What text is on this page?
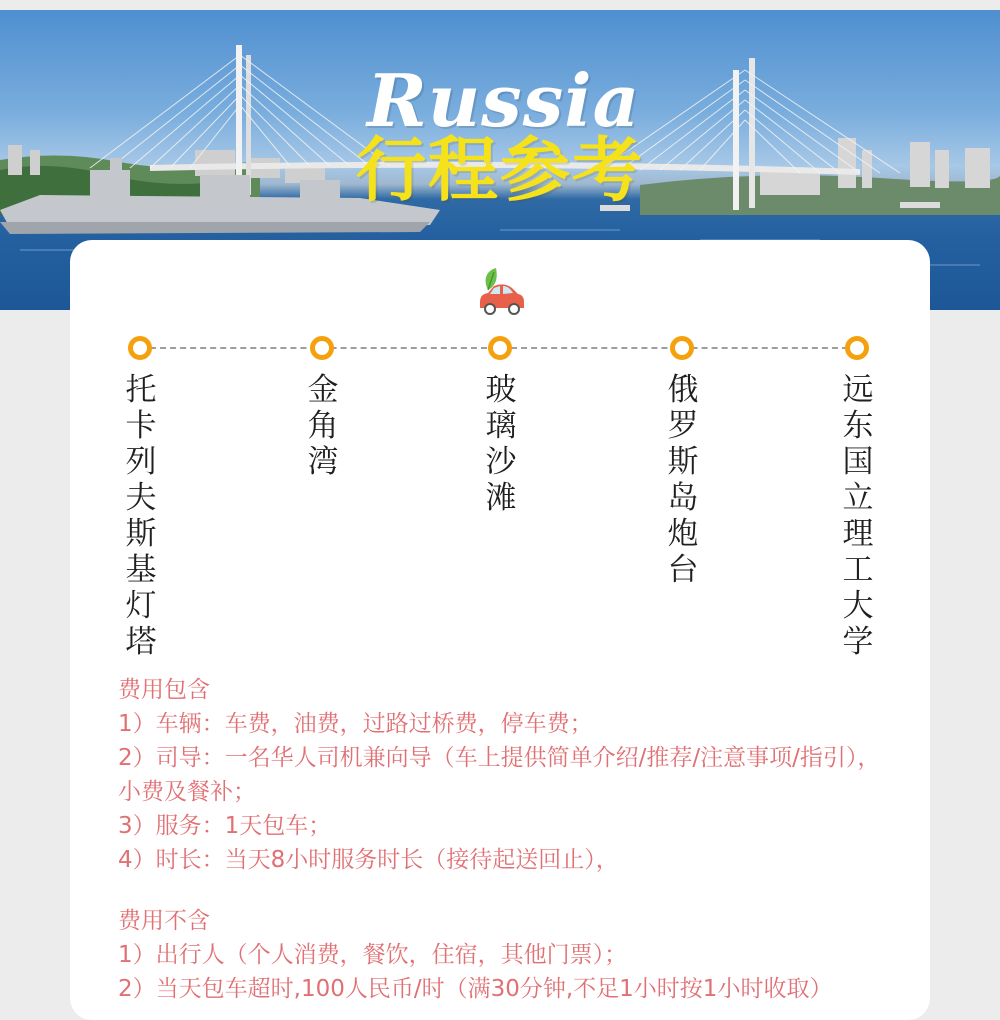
Russia
行程参考
托卡列夫斯基灯塔
金角湾
玻璃沙滩
俄罗斯岛炮台
远东国立理工大学
费用包含
1）车辆：车费，油费，过路过桥费，停车费；
2）司导：一名华人司机兼向导（车上提供简单介绍/推荐/注意事项/指引），小费及餐补；
3）服务：1天包车；
4）时长：当天8小时服务时长（接待起送回止），
费用不含
1）出行人（个人消费，餐饮，住宿，其他门票）；
2）当天包车超时,100人民币/时（满30分钟,不足1小时按1小时收取）
